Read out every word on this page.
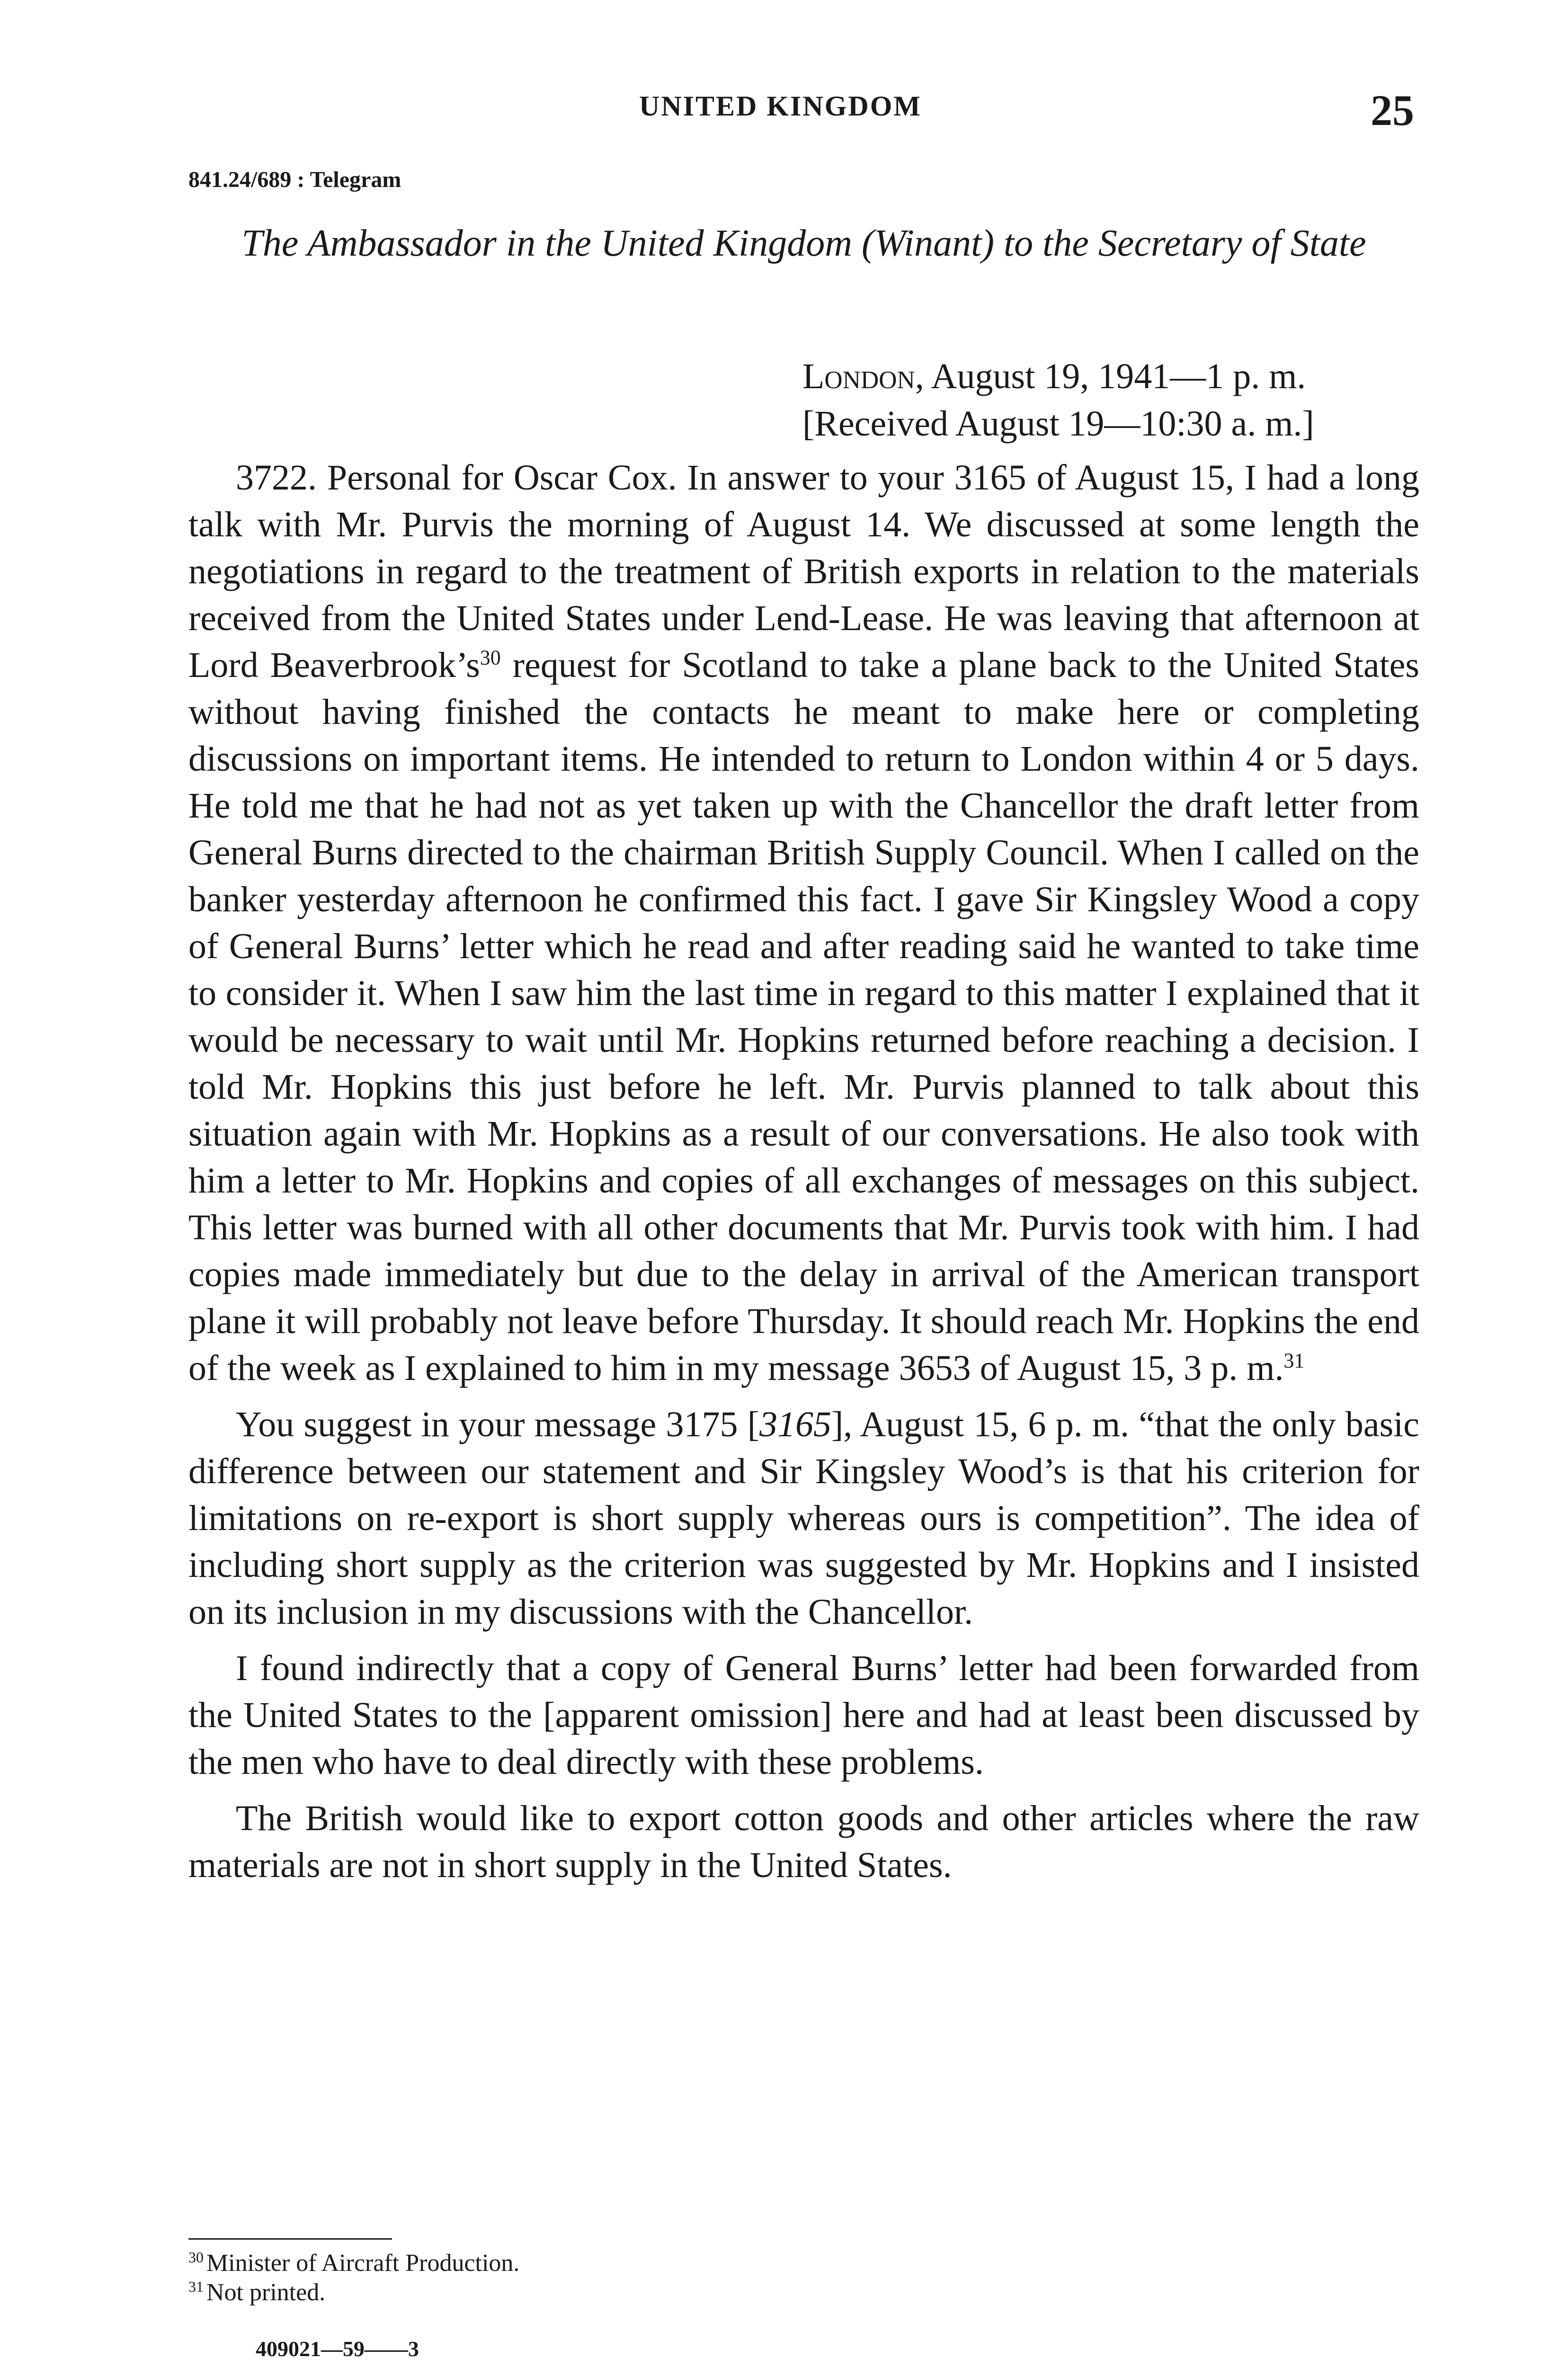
UNITED KINGDOM	25
841.24/689 : Telegram
The Ambassador in the United Kingdom (Winant) to the Secretary of State
London, August 19, 1941—1 p. m.
[Received August 19—10:30 a. m.]

3722. Personal for Oscar Cox. In answer to your 3165 of August 15, I had a long talk with Mr. Purvis the morning of August 14. We discussed at some length the negotiations in regard to the treatment of British exports in relation to the materials received from the United States under Lend-Lease. He was leaving that afternoon at Lord Beaverbrook’s$^{30}$ request for Scotland to take a plane back to the United States without having finished the contacts he meant to make here or completing discussions on important items. He intended to return to London within 4 or 5 days. He told me that he had not as yet taken up with the Chancellor the draft letter from General Burns directed to the chairman British Supply Council. When I called on the banker yesterday afternoon he confirmed this fact. I gave Sir Kingsley Wood a copy of General Burns’ letter which he read and after reading said he wanted to take time to consider it. When I saw him the last time in regard to this matter I explained that it would be necessary to wait until Mr. Hopkins returned before reaching a decision. I told Mr. Hopkins this just before he left. Mr. Purvis planned to talk about this situation again with Mr. Hopkins as a result of our conversations. He also took with him a letter to Mr. Hopkins and copies of all exchanges of messages on this subject. This letter was burned with all other documents that Mr. Purvis took with him. I had copies made immediately but due to the delay in arrival of the American transport plane it will probably not leave before Thursday. It should reach Mr. Hopkins the end of the week as I explained to him in my message 3653 of August 15, 3 p. m.$^{31}$

You suggest in your message 3175 [3165], August 15, 6 p. m. “that the only basic difference between our statement and Sir Kingsley Wood’s is that his criterion for limitations on re-export is short supply whereas ours is competition”. The idea of including short supply as the criterion was suggested by Mr. Hopkins and I insisted on its inclusion in my discussions with the Chancellor.

I found indirectly that a copy of General Burns’ letter had been forwarded from the United States to the [apparent omission] here and had at least been discussed by the men who have to deal directly with these problems.

The British would like to export cotton goods and other articles where the raw materials are not in short supply in the United States.

$^{30}$ Minister of Aircraft Production.
$^{31}$ Not printed.
409021—59——3
